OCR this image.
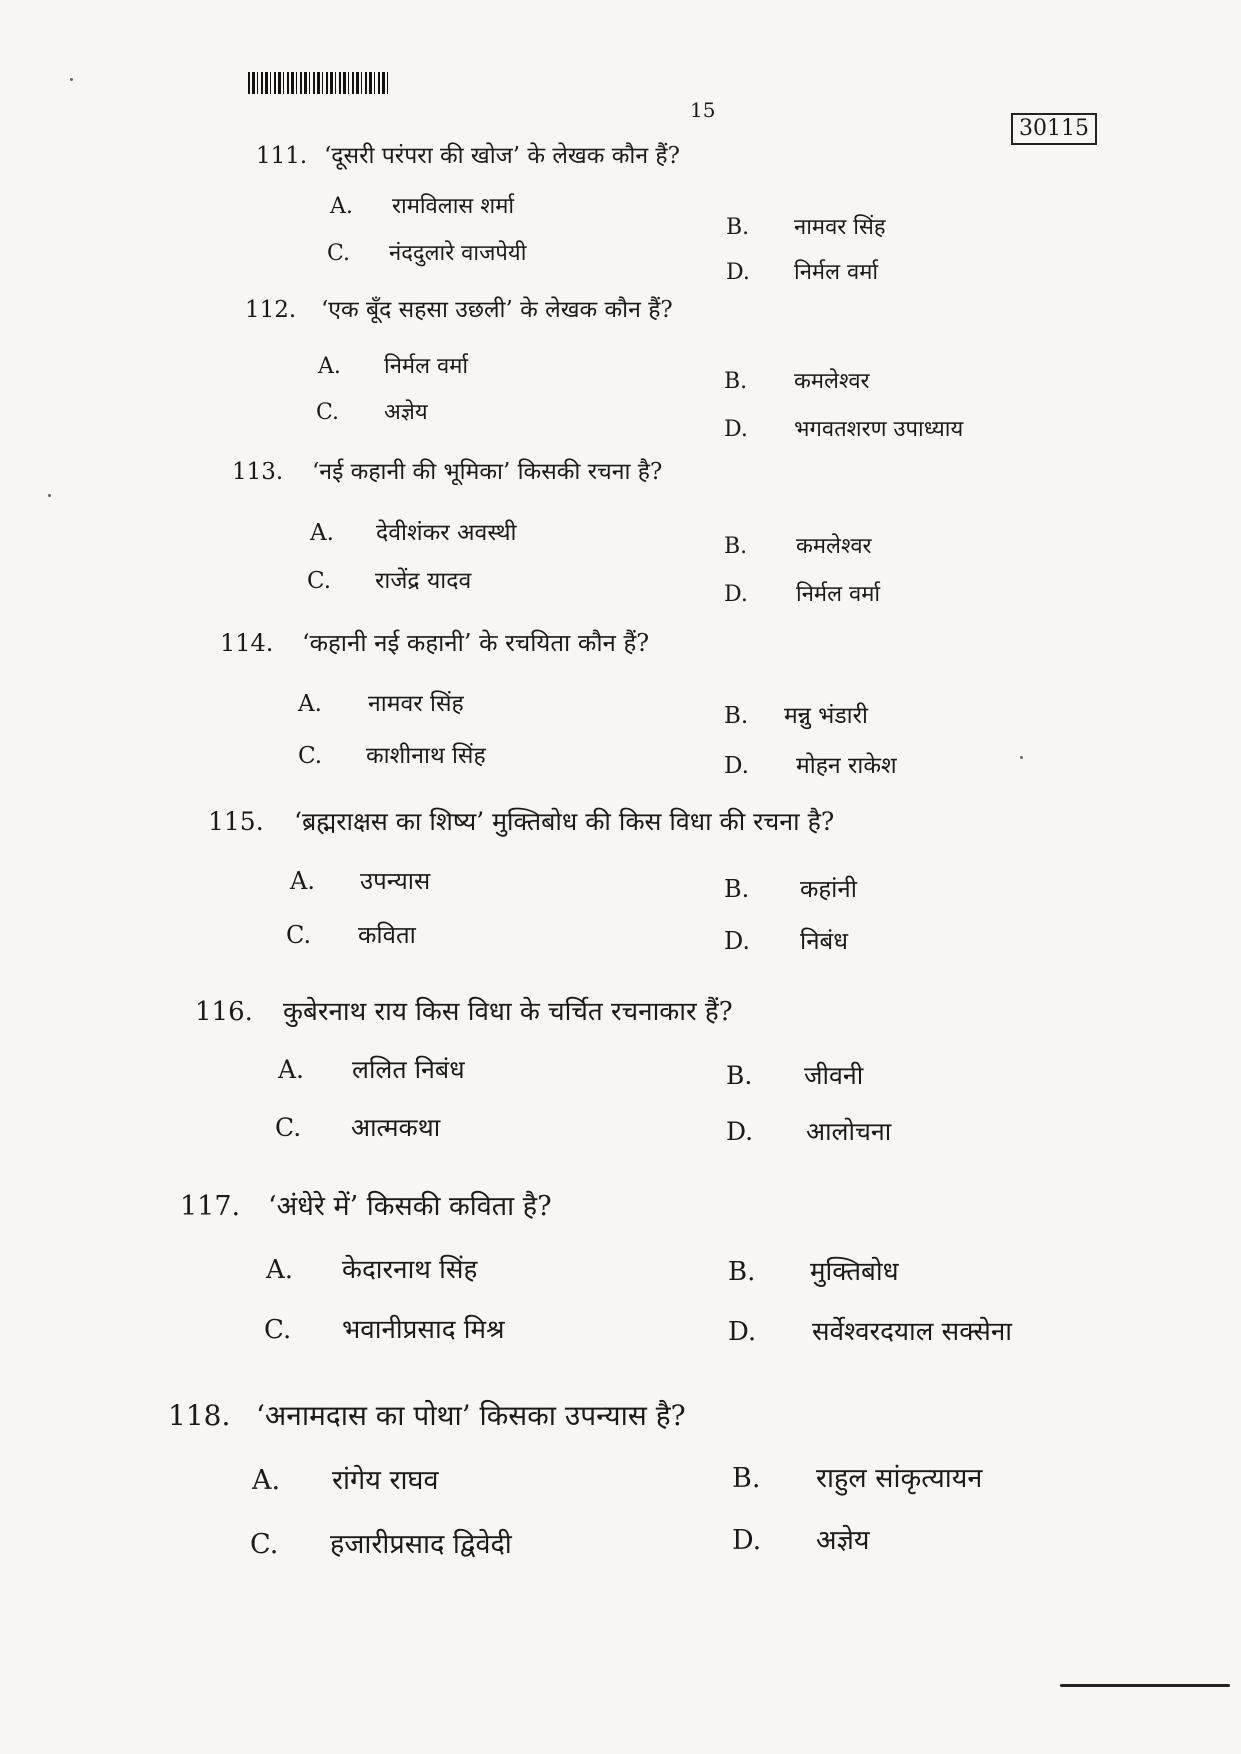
15
30115
111. ‘दूसरी परंपरा की खोज’ के लेखक कौन हैं?
A. रामविलास शर्मा
B. नामवर सिंह
C. नंददुलारे वाजपेयी
D. निर्मल वर्मा
112.	‘एक बूँद सहसा उछली’ के लेखक कौन हैं?
A. निर्मल वर्मा
B. कमलेश्वर
C. अज्ञेय
D. भगवतशरण उपाध्याय
113.	‘नई कहानी की भूमिका’ किसकी रचना है?
A. देवीशंकर अवस्थी
B. कमलेश्वर
C. राजेंद्र यादव
D. निर्मल वर्मा
114.	‘कहानी नई कहानी’ के रचयिता कौन हैं?
A. नामवर सिंह	B. मन्नु भंडारी
C. काशीनाथ सिंह	D. मोहन राकेश
115.	‘ब्रह्मराक्षस का शिष्य’ मुक्तिबोध की किस विधा की रचना है?
A. उपन्यास	B. कहांनी
C. कविता	D. निबंध
116.	कुबेरनाथ राय किस विधा के चर्चित रचनाकार हैं?
A. ललित निबंध	B. जीवनी
C. आत्मकथा	D. आलोचना
117.	‘अंधेरे में’ किसकी कविता है?
A. केदारनाथ सिंह	B. मुक्तिबोध
C. भवानीप्रसाद मिश्र	D. सर्वेश्वरदयाल सक्सेना
118. ‘अनामदास का पोथा’ किसका उपन्यास है?
A. रांगेय राघव	B. राहुल सांकृत्यायन
C. हजारीप्रसाद द्विवेदी	D. अज्ञेय
